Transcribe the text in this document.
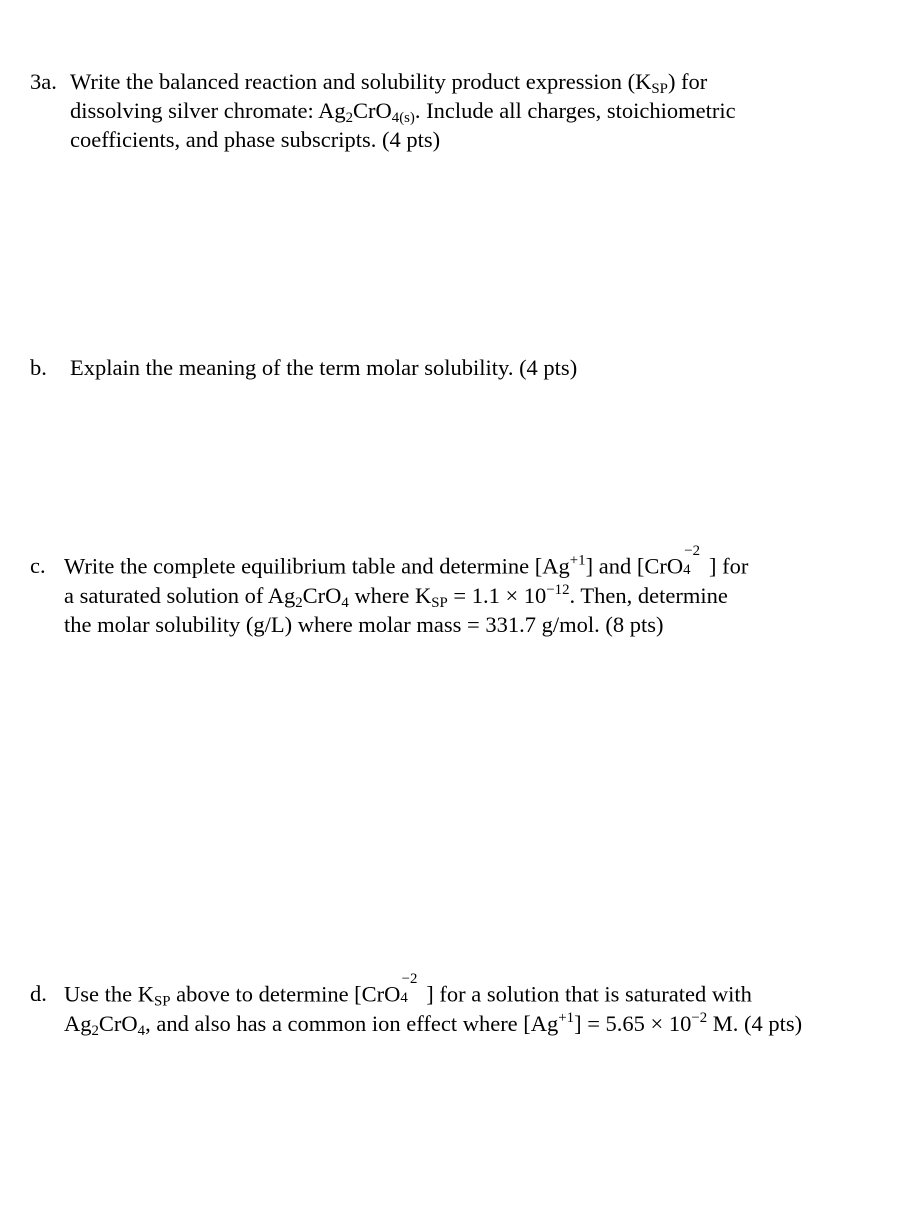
3a. Write the balanced reaction and solubility product expression $(K_{SP})$ for
dissolving silver chromate: $Ag_2CrO_{4(s)}$. Include all charges, stoichiometric
coefficients, and phase subscripts. (4 pts)

b. Explain the meaning of the term molar solubility. (4 pts)

c. Write the complete equilibrium table and determine $[Ag^{+1}]$ and [CrO 4
−2
] for
a saturated solution of $Ag_2CrO_4$ where $K_{SP} = 1.1 \times 10^{-12}$. Then, determine
the molar solubility (g/L) where molar mass = 331.7 g/mol. (8 pts)

d. Use the $K_{SP}$ above to determine [CrO 4
−2
] for a solution that is saturated with
$Ag_2CrO_4$, and also has a common ion effect where $[Ag^{+1}] = 5.65 \times 10^{-2}$ M. (4 pts)
